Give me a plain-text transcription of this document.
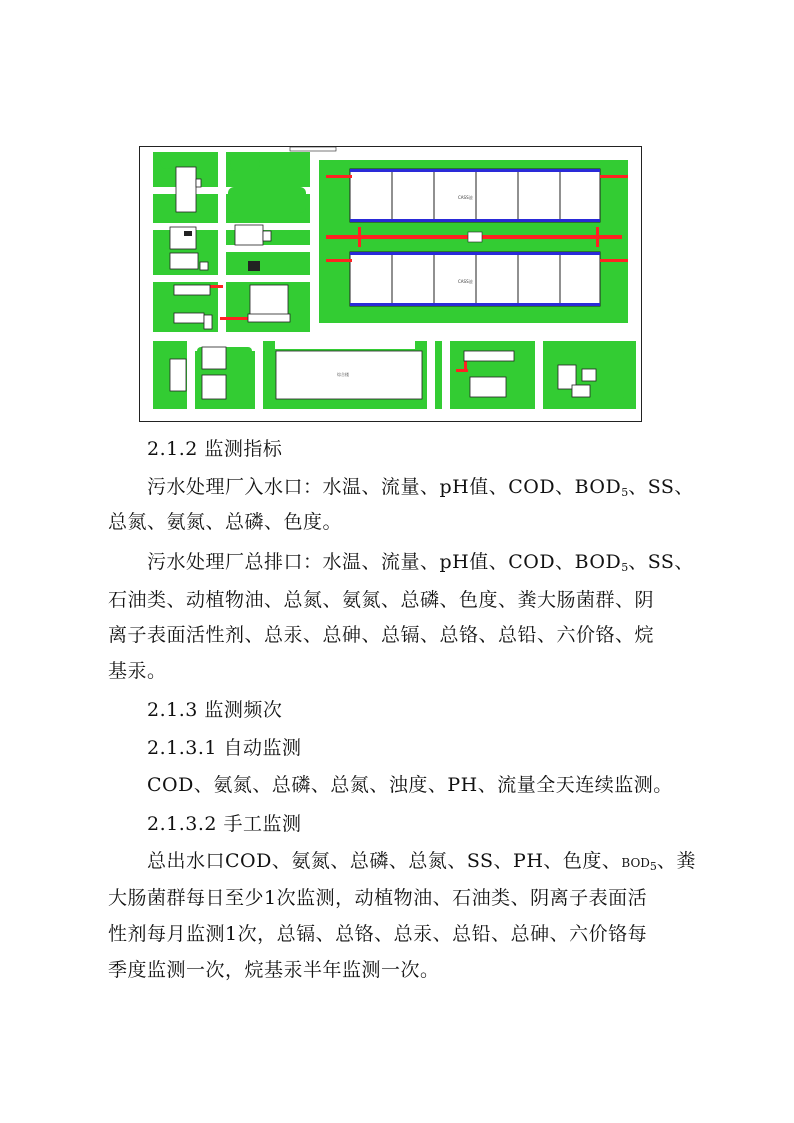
CASS池
CASS池
综合楼

2.1.2 监测指标

污水处理厂入水口：水温、流量、pH值、COD、$BOD_5$、SS、

总氮、氨氮、总磷、色度。

污水处理厂总排口：水温、流量、pH值、COD、$BOD_5$、SS、

石油类、动植物油、总氮、氨氮、总磷、色度、粪大肠菌群、阴

离子表面活性剂、总汞、总砷、总镉、总铬、总铅、六价铬、烷

基汞。

2.1.3 监测频次

2.1.3.1 自动监测

COD、氨氮、总磷、总氮、浊度、PH、流量全天连续监测。

2.1.3.2 手工监测

总出水口COD、氨氮、总磷、总氮、SS、PH、色度、$BOD_5$、粪

大肠菌群每日至少1次监测，动植物油、石油类、阴离子表面活

性剂每月监测1次，总镉、总铬、总汞、总铅、总砷、六价铬每

季度监测一次，烷基汞半年监测一次。
